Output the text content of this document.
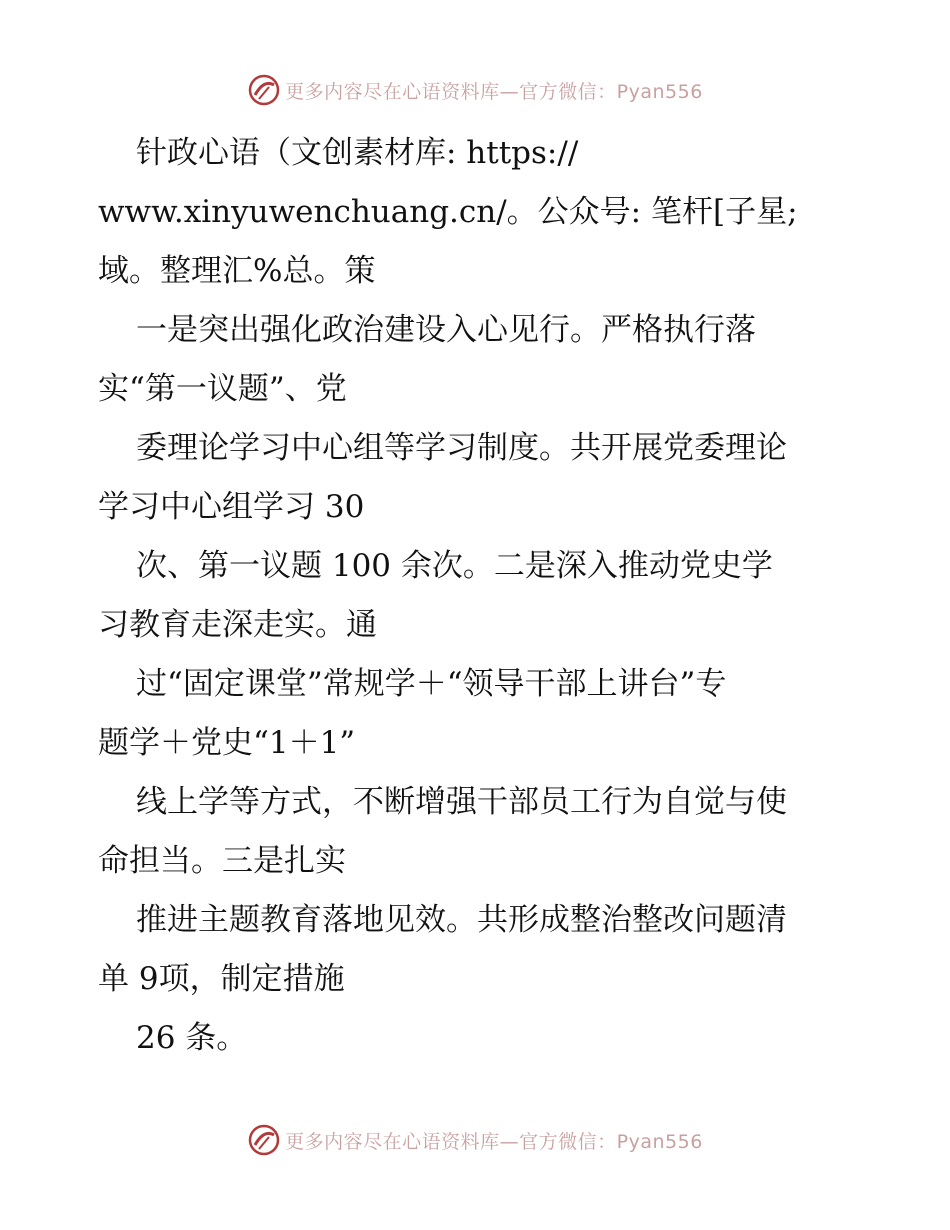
更多内容尽在心语资料库—官方微信：Pyan556

针政心语（文创素材库: https://
www.xinyuwenchuang.cn/。公众号: 笔杆[子星;
域。整理汇%总。策

一是突出强化政治建设入心见行。严格执行落
实“第一议题”、党

委理论学习中心组等学习制度。共开展党委理论
学习中心组学习 30

次、第一议题 100 余次。二是深入推动党史学
习教育走深走实。通

过“固定课堂”常规学＋“领导干部上讲台”专
题学＋党史“1＋1”

线上学等方式，不断增强干部员工行为自觉与使
命担当。三是扎实

推进主题教育落地见效。共形成整治整改问题清
单 9项，制定措施

26 条。

更多内容尽在心语资料库—官方微信：Pyan556
